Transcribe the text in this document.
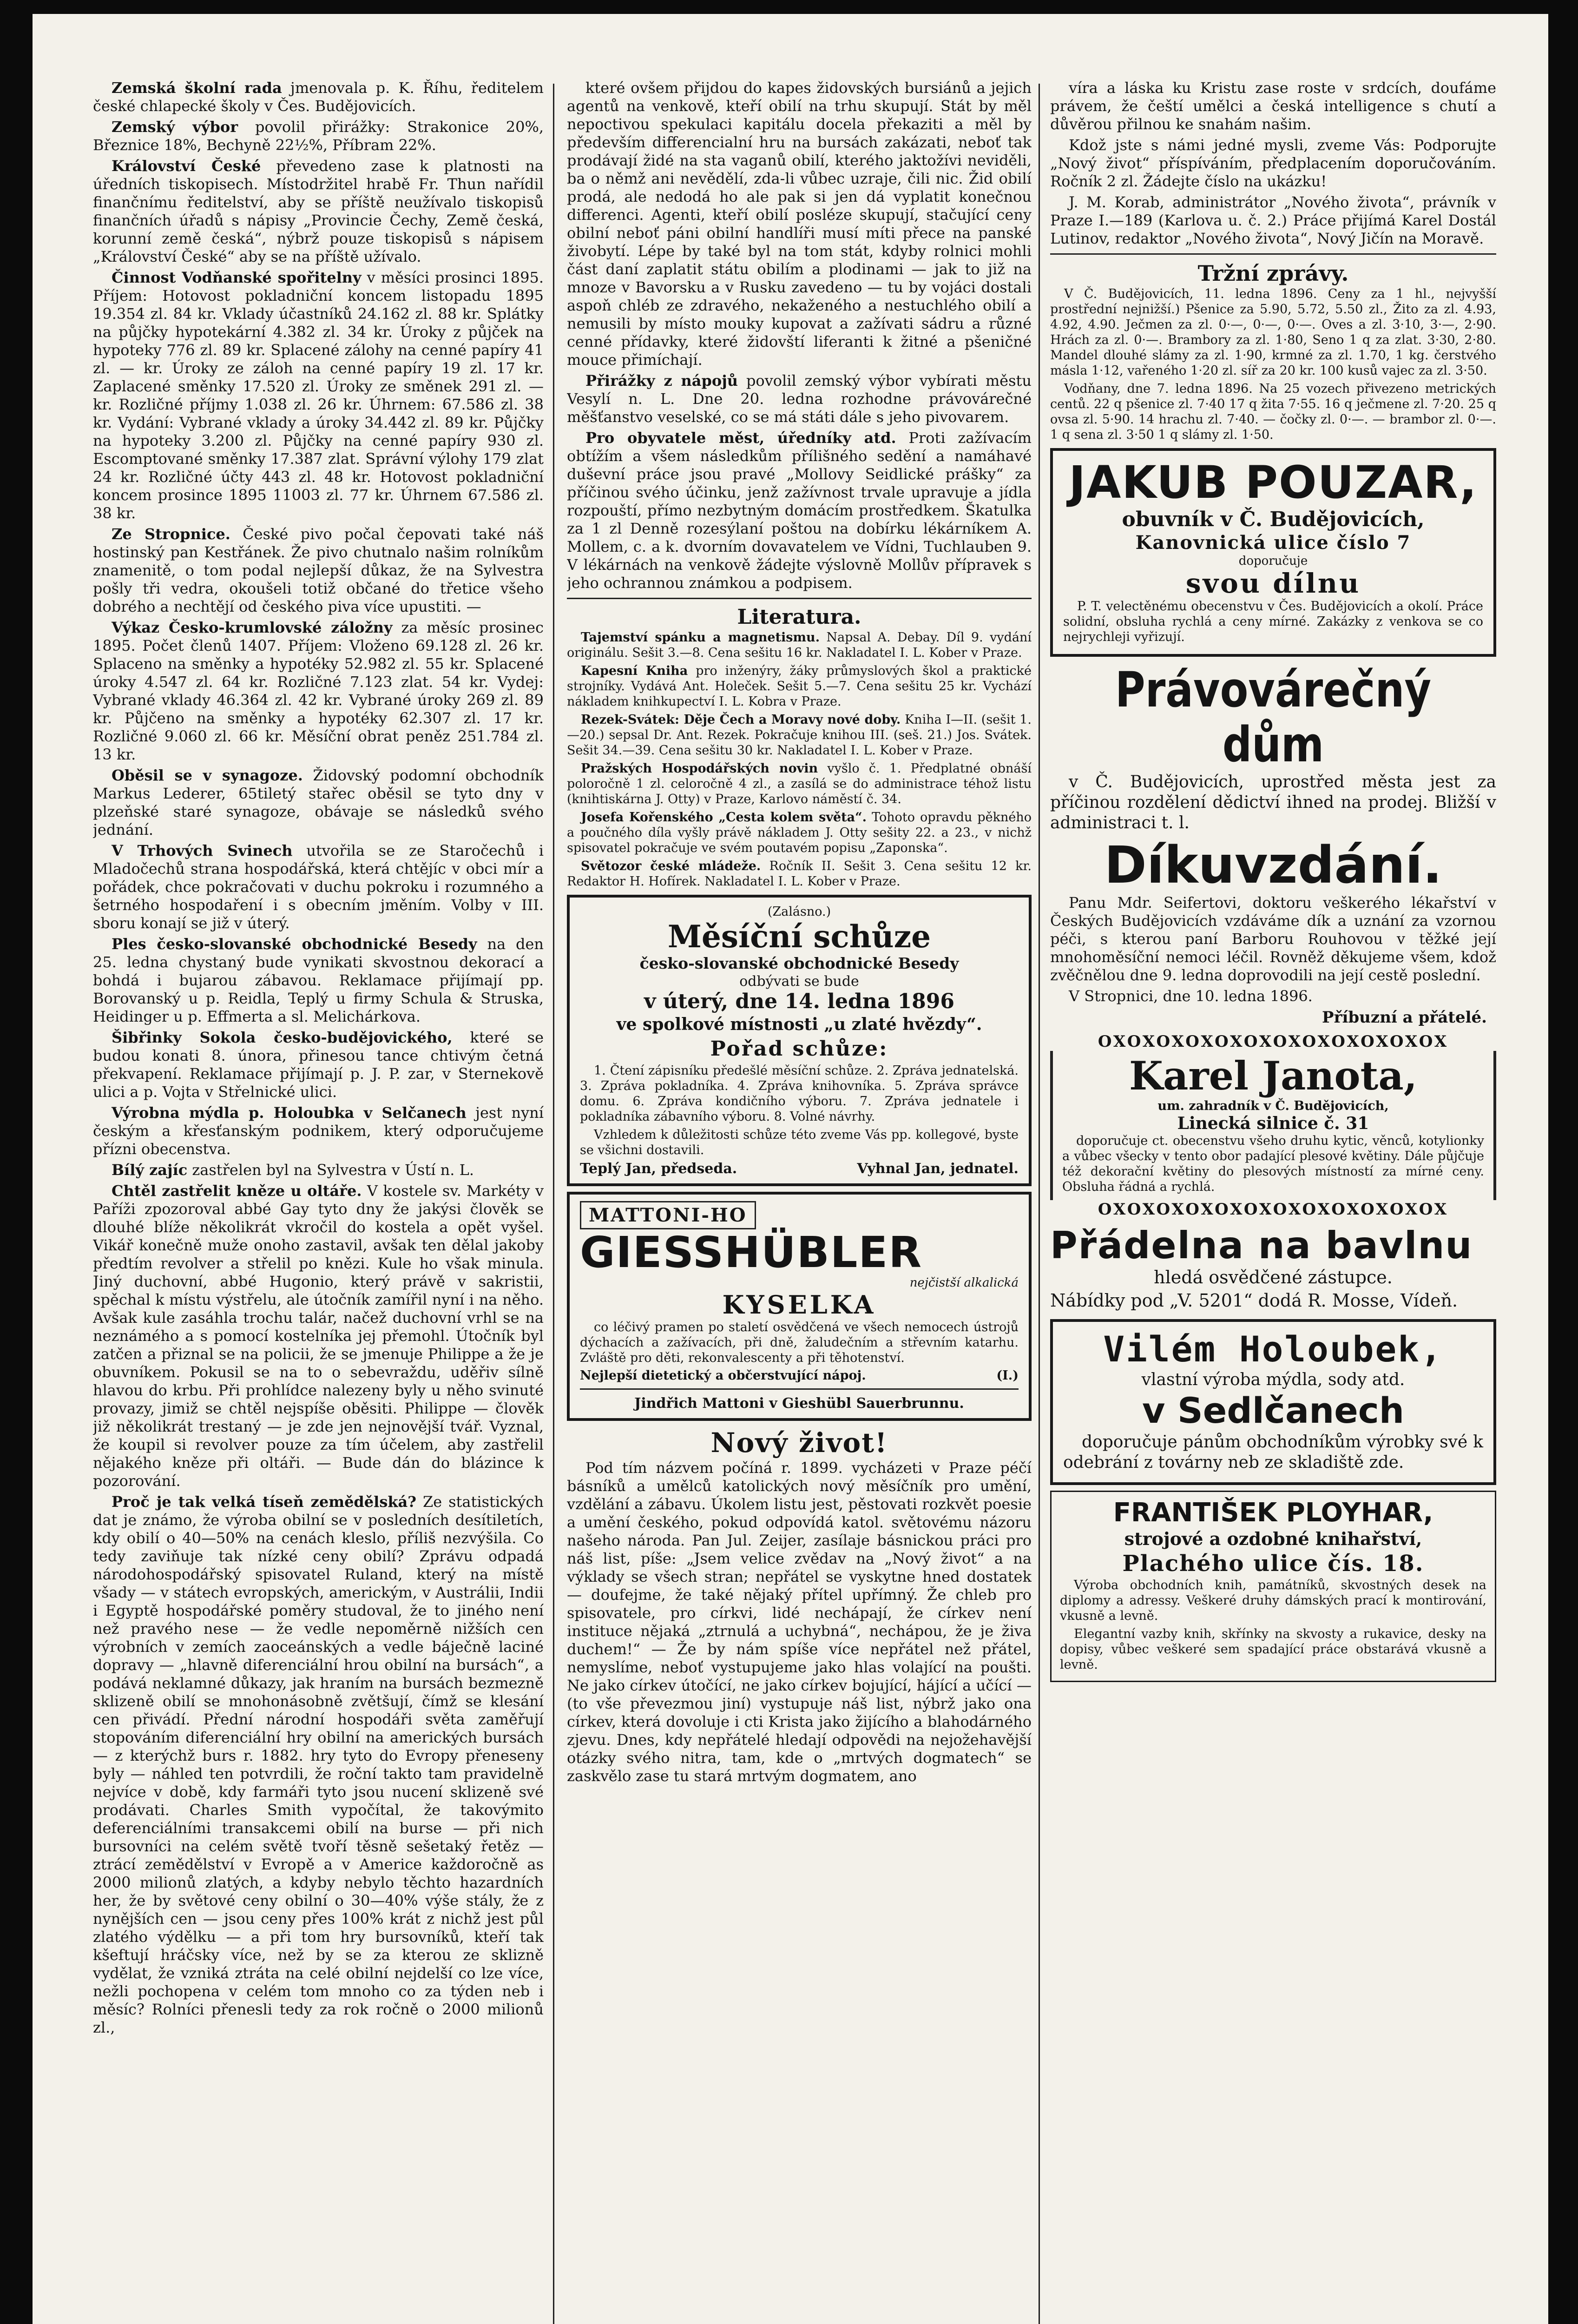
Zemská školní rada jmenovala p. K. Říhu, ředitelem české chlapecké školy v Čes. Budějovicích.

Zemský výbor povolil přirážky: Strakonice 20%, Březnice 18%, Bechyně 22½%, Příbram 22%.

Království České převedeno zase k platnosti na úředních tiskopisech. Místodržitel hrabě Fr. Thun nařídil finančnímu ředitelství, aby se příště neužívalo tiskopisů finančních úřadů s nápisy „Provincie Čechy, Země česká, korunní země česká“, nýbrž pouze tiskopisů s nápisem „Království České“ aby se na příště užívalo.

Činnost Vodňanské spořitelny v měsíci prosinci 1895. Příjem: Hotovost pokladniční koncem listopadu 1895 19.354 zl. 84 kr. Vklady účastníků 24.162 zl. 88 kr. Splátky na půjčky hypotekární 4.382 zl. 34 kr. Úroky z půjček na hypoteky 776 zl. 89 kr. Splacené zálohy na cenné papíry 41 zl. — kr. Úroky ze záloh na cenné papíry 19 zl. 17 kr. Zaplacené směnky 17.520 zl. Úroky ze směnek 291 zl. — kr. Rozličné příjmy 1.038 zl. 26 kr. Úhrnem: 67.586 zl. 38 kr. Vydání: Vybrané vklady a úroky 34.442 zl. 89 kr. Půjčky na hypoteky 3.200 zl. Půjčky na cenné papíry 930 zl. Escomptované směnky 17.387 zlat. Správní výlohy 179 zlat 24 kr. Rozličné účty 443 zl. 48 kr. Hotovost pokladniční koncem prosince 1895 11003 zl. 77 kr. Úhrnem 67.586 zl. 38 kr.

Ze Stropnice. České pivo počal čepovati také náš hostinský pan Kestřánek. Že pivo chutnalo našim rolníkům znamenitě, o tom podal nejlepší důkaz, že na Sylvestra pošly tři vedra, okoušeli totiž občané do třetice všeho dobrého a nechtějí od českého piva více upustiti. —

Výkaz Česko-krumlovské záložny za měsíc prosinec 1895. Počet členů 1407. Příjem: Vloženo 69.128 zl. 26 kr. Splaceno na směnky a hypotéky 52.982 zl. 55 kr. Splacené úroky 4.547 zl. 64 kr. Rozličné 7.123 zlat. 54 kr. Vydej: Vybrané vklady 46.364 zl. 42 kr. Vybrané úroky 269 zl. 89 kr. Půjčeno na směnky a hypotéky 62.307 zl. 17 kr. Rozličné 9.060 zl. 66 kr. Měsíční obrat peněz 251.784 zl. 13 kr.

Oběsil se v synagoze. Židovský podomní obchodník Markus Lederer, 65tiletý stařec oběsil se tyto dny v plzeňské staré synagoze, obávaje se následků svého jednání.

V Trhových Svinech utvořila se ze Staročechů i Mladočechů strana hospodářská, která chtějíc v obci mír a pořádek, chce pokračovati v duchu pokroku i rozumného a šetrného hospodaření i s obecním jměním. Volby v III. sboru konají se již v úterý.

Ples česko-slovanské obchodnické Besedy na den 25. ledna chystaný bude vynikati skvostnou dekorací a bohdá i bujarou zábavou. Reklamace přijímají pp. Borovanský u p. Reidla, Teplý u firmy Schula & Struska, Heidinger u p. Effmerta a sl. Melichárkova.

Šibřinky Sokola česko-budějovického, které se budou konati 8. února, přinesou tance chtivým četná překvapení. Reklamace přijímají p. J. P. zar, v Sternekově ulici a p. Vojta v Střelnické ulici.

Výrobna mýdla p. Holoubka v Selčanech jest nyní českým a křesťanským podnikem, který odporučujeme přízni obecenstva.

Bílý zajíc zastřelen byl na Sylvestra v Ústí n. L.

Chtěl zastřelit kněze u oltáře. V kostele sv. Markéty v Paříži zpozoroval abbé Gay tyto dny že jakýsi člověk se dlouhé blíže několikrát vkročil do kostela a opět vyšel. Vikář konečně muže onoho zastavil, avšak ten dělal jakoby předtím revolver a střelil po knězi. Kule ho však minula. Jiný duchovní, abbé Hugonio, který právě v sakristii, spěchal k místu výstřelu, ale útočník zamířil nyní i na něho. Avšak kule zasáhla trochu talár, načež duchovní vrhl se na neznámého a s pomocí kostelníka jej přemohl. Útočník byl zatčen a přiznal se na policii, že se jmenuje Philippe a že je obuvníkem. Pokusil se na to o sebevraždu, uděřiv sílně hlavou do krbu. Při prohlídce nalezeny byly u něho svinuté provazy, jimiž se chtěl nejspíše oběsiti. Philippe — člověk již několikrát trestaný — je zde jen nejnovější tvář. Vyznal, že koupil si revolver pouze za tím účelem, aby zastřelil nějakého kněze při oltáři. — Bude dán do blázince k pozorování.

Proč je tak velká tíseň zemědělská? Ze statistických dat je známo, že výroba obilní se v posledních desítiletích, kdy obilí o 40—50% na cenách kleslo, příliš nezvýšila. Co tedy zaviňuje tak nízké ceny obilí? Zprávu odpadá národohospodářský spisovatel Ruland, který na místě všady — v státech evropských, americkým, v Austrálii, Indii i Egyptě hospodářské poměry studoval, že to jiného není než pravého nese — že vedle nepoměrně nižších cen výrobních v zemích zaoceánských a vedle báječně laciné dopravy — „hlavně diferenciální hrou obilní na bursách“, a podává neklamné důkazy, jak hraním na bursách bezmezně sklizeně obilí se mnohonásobně zvětšují, čímž se klesání cen přivádí. Přední národní hospodáři světa zaměřují stopováním diferenciální hry obilní na amerických bursách — z kterýchž burs r. 1882. hry tyto do Evropy přeneseny byly — náhled ten potvrdili, že roční takto tam pravidelně nejvíce v době, kdy farmáři tyto jsou nucení sklizeně své prodávati. Charles Smith vypočítal, že takovýmito deferenciálními transakcemi obilí na burse — při nich bursovníci na celém světě tvoří těsně sešetaký řetěz — ztrácí zemědělství v Evropě a v Americe každoročně as 2000 milionů zlatých, a kdyby nebylo těchto hazardních her, že by světové ceny obilní o 30—40% výše stály, že z nynějších cen — jsou ceny přes 100% krát z nichž jest půl zlatého výdělku — a při tom hry bursovníků, kteří tak kšeftují hráčsky více, než by se za kterou ze sklizně vydělat, že vzniká ztráta na celé obilní nejdelší co lze více, nežli pochopena v celém tom mnoho co za týden neb i měsíc? Rolníci přenesli tedy za rok ročně o 2000 milionů zl.,

které ovšem přijdou do kapes židovských bursiánů a jejich agentů na venkově, kteří obilí na trhu skupují. Stát by měl nepoctivou spekulaci kapitálu docela překaziti a měl by především differencialní hru na bursách zakázati, neboť tak prodávají židé na sta vaganů obilí, kterého jaktožívi neviděli, ba o němž ani nevědělí, zda-li vůbec uzraje, čili nic. Žid obilí prodá, ale nedodá ho ale pak si jen dá vyplatit konečnou differenci. Agenti, kteří obilí posléze skupují, stačující ceny obilní neboť páni obilní handlíři musí míti přece na panské živobytí. Lépe by také byl na tom stát, kdyby rolnici mohli část daní zaplatit státu obilím a plodinami — jak to již na mnoze v Bavorsku a v Rusku zavedeno — tu by vojáci dostali aspoň chléb ze zdravého, nekaženého a nestuchlého obilí a nemusili by místo mouky kupovat a zažívati sádru a různé cenné přídavky, které židovští liferanti k žitné a pšeničné mouce přimíchají.

Přirážky z nápojů povolil zemský výbor vybírati městu Vesylí n. L. Dne 20. ledna rozhodne právovárečné měšťanstvo veselské, co se má státi dále s jeho pivovarem.

Pro obyvatele měst, úředníky atd. Proti zažívacím obtížím a všem následkům přílišného sedění a namáhavé duševní práce jsou pravé „Mollovy Seidlické prášky“ za příčinou svého účinku, jenž zažívnost trvale upravuje a jídla rozpouští, přímo nezbytným domácím prostředkem. Škatulka za 1 zl Denně rozesýlaní poštou na dobírku lékárníkem A. Mollem, c. a k. dvorním dovavatelem ve Vídni, Tuchlauben 9. V lékárnách na venkově žádejte výslovně Mollův přípravek s jeho ochrannou známkou a podpisem.

Literatura.

Tajemství spánku a magnetismu. Napsal A. Debay. Díl 9. vydání originálu. Sešit 3.—8. Cena sešitu 16 kr. Nakladatel I. L. Kober v Praze.

Kapesní Knihа pro inženýry, žáky průmyslových škol a praktické strojníky. Vydává Ant. Holeček. Sešit 5.—7. Cena sešitu 25 kr. Vychází nákladem knihkupectví I. L. Kobra v Praze.

Rezek-Svátek: Děje Čech a Moravy nové doby. Kniha I—II. (sešit 1.—20.) sepsal Dr. Ant. Rezek. Pokračuje knihou III. (seš. 21.) Jos. Svátek. Sešit 34.—39. Cena sešitu 30 kr. Nakladatel I. L. Kober v Praze.

Pražských Hospodářských novin vyšlo č. 1. Předplatné obnáší poloročně 1 zl. celoročně 4 zl., a zasílá se do administrace téhož listu (knihtiskárna J. Otty) v Praze, Karlovo náměstí č. 34.

Josefa Kořenského „Cesta kolem světa“. Tohoto opravdu pěkného a poučného díla vyšly právě nákladem J. Otty sešity 22. a 23., v nichž spisovatel pokračuje ve svém poutavém popisu „Zaponska“.

Světozor české mládeže. Ročník II. Sešit 3. Cena sešitu 12 kr. Redaktor H. Hofírek. Nakladatel I. L. Kober v Praze.

(Zalásno.)
Měsíční schůze
česko-slovanské obchodnické Besedy
odbývati se bude
v úterý, dne 14. ledna 1896
ve spolkové místnosti „u zlaté hvězdy“.
Pořad schůze:

1. Čtení zápisníku předešlé měsíční schůze. 2. Zpráva jednatelská. 3. Zpráva pokladníka. 4. Zpráva knihovníka. 5. Zpráva správce domu. 6. Zpráva kondičního výboru. 7. Zpráva jednatele i pokladníka zábavního výboru. 8. Volné návrhy.

Vzhledem k důležitosti schůze této zveme Vás pp. kollegové, byste se všichni dostavili.

Teplý Jan, předseda.	Vyhnal Jan, jednatel.
MATTONI-HO
GIESSHÜBLER
nejčistší alkalická
KYSELKA

co léčivý pramen po staletí osvědčená ve všech nemocech ústrojů dýchacích a zažívacích, při dně, žaludečním a střevním katarhu. Zvláště pro děti, rekonvalescenty a při těhotenství.

Nejlepší dietetický a občerstvující nápoj.	(I.)
Jindřich Mattoni v Gieshübl Sauerbrunnu.
Nový život!

Pod tím názvem počíná r. 1899. vycházeti v Praze péčí básníků a umělců katolických nový měsíčník pro umění, vzdělání a zábavu. Úkolem listu jest, pěstovati rozkvět poesie a umění českého, pokud odpovídá katol. světovému názoru našeho národa. Pan Jul. Zeijer, zasílaje básnickou práci pro náš list, píše: „Jsem velice zvědav na „Nový život“ a na výklady se všech stran; nepřátel se vyskytne hned dostatek — doufejme, že také nějaký přítel upřímný. Že chleb pro spisovatele, pro církvi, lidé nechápají, že církev není instituce nějaká „ztrnulá a uchybná“, nechápou, že je živa duchem!“ — Že by nám spíše více nepřátel než přátel, nemyslíme, neboť vystupujeme jako hlas volající na poušti. Ne jako církev útočící, ne jako církev bojující, hájící a učící — (to vše převezmou jiní) vystupuje náš list, nýbrž jako ona církev, která dovoluje i cti Krista jako žijícího a blahodárného zjevu. Dnes, kdy nepřátelé hledají odpovědi na nejožehavější otázky svého nitra, tam, kde o „mrtvých dogmatech“ se zaskvělo zase tu stará mrtvým dogmatem, ano

víra a láska ku Kristu zase roste v srdcích, doufáme právem, že čeští umělci a česká intelligence s chutí a důvěrou přilnou ke snahám našim.

Kdož jste s námi jedné mysli, zveme Vás: Podporujte „Nový život“ příspíváním, předplacením doporučováním. Ročník 2 zl. Žádejte číslo na ukázku!

J. M. Korab, administrátor „Nového života“, právník v Praze I.—189 (Karlova u. č. 2.) Práce přijímá Karel Dostál Lutinov, redaktor „Nového života“, Nový Jičín na Moravě.

Tržní zprávy.

V Č. Budějovicích, 11. ledna 1896. Ceny za 1 hl., nejvyšší prostřední nejnižší.) Pšenice za 5.90, 5.72, 5.50 zl., Žito za zl. 4.93, 4.92, 4.90. Ječmen za zl. 0·—, 0·—, 0·—. Oves a zl. 3·10, 3·—, 2·90. Hrách za zl. 0·—. Brambory za zl. 1·80, Seno 1 q za zlat. 3·30, 2·80. Mandel dlouhé slámy za zl. 1·90, krmné za zl. 1.70, 1 kg. čerstvého másla 1·12, vařeného 1·20 zl. síř za 20 kr. 100 kusů vajec za zl. 3·50.

Vodňany, dne 7. ledna 1896. Na 25 vozech přivezeno metrických centů. 22 q pšenice zl. 7·40 17 q žita 7·55. 16 q ječmene zl. 7·20. 25 q ovsa zl. 5·90. 14 hrachu zl. 7·40. — čočky zl. 0·—. — brambor zl. 0·—. 1 q sena zl. 3·50 1 q slámy zl. 1·50.

JAKUB POUZAR,
obuvník v Č. Budějovicích,
Kanovnická ulice číslo 7
doporučuje
svou dílnu

P. T. velectěnému obecenstvu v Čes. Budějovicích a okolí. Práce solidní, obsluha rychlá a ceny mírné. Zakázky z venkova se co nejrychleji vyřizují.

Právovárečný dům

v Č. Budějovicích, uprostřed města jest za příčinou rozdělení dědictví ihned na prodej. Bližší v administraci t. l.

Díkuvzdání.

Panu Mdr. Seifertovi, doktoru veškerého lékařství v Českých Budějovicích vzdáváme dík a uznání za vzornou péči, s kterou paní Barboru Rouhovou v těžké její mnohoměsíční nemoci léčil. Rovněž děkujeme všem, kdož zvěčnělou dne 9. ledna doprovodili na její cestě poslední.

V Stropnici, dne 10. ledna 1896.

Příbuzní a přátelé.
OXOXOXOXOXOXOXOXOXOXOXOX
Karel Janota,
um. zahradník v Č. Budějovicích,
Linecká silnice č. 31

doporučuje ct. obecenstvu všeho druhu kytic, věnců, kotylionky a vůbec všecky v tento obor padající plesové květiny. Dále půjčuje též dekorační květiny do plesových místností za mírné ceny. Obsluha řádná a rychlá.

OXOXOXOXOXOXOXOXOXOXOXOX
Přádelna na bavlnu
hledá osvědčené zástupce.
Nábídky pod „V. 5201“ dodá R. Mosse, Vídeň.
Vilém Holoubek,
vlastní výroba mýdla, sody atd.
v Sedlčanech

doporučuje pánům obchodníkům výrobky své k odebrání z továrny neb ze skladiště zde.

FRANTIŠEK PLOYHAR,
strojové a ozdobné knihařství,
Plachého ulice čís. 18.

Výroba obchodních knih, památníků, skvostných desek na diplomy a adressy. Veškeré druhy dámských prací k montirování, vkusně a levně.

Elegantní vazby knih, skřínky na skvosty a rukavice, desky na dopisy, vůbec veškeré sem spadající práce obstarává vkusně a levně.
